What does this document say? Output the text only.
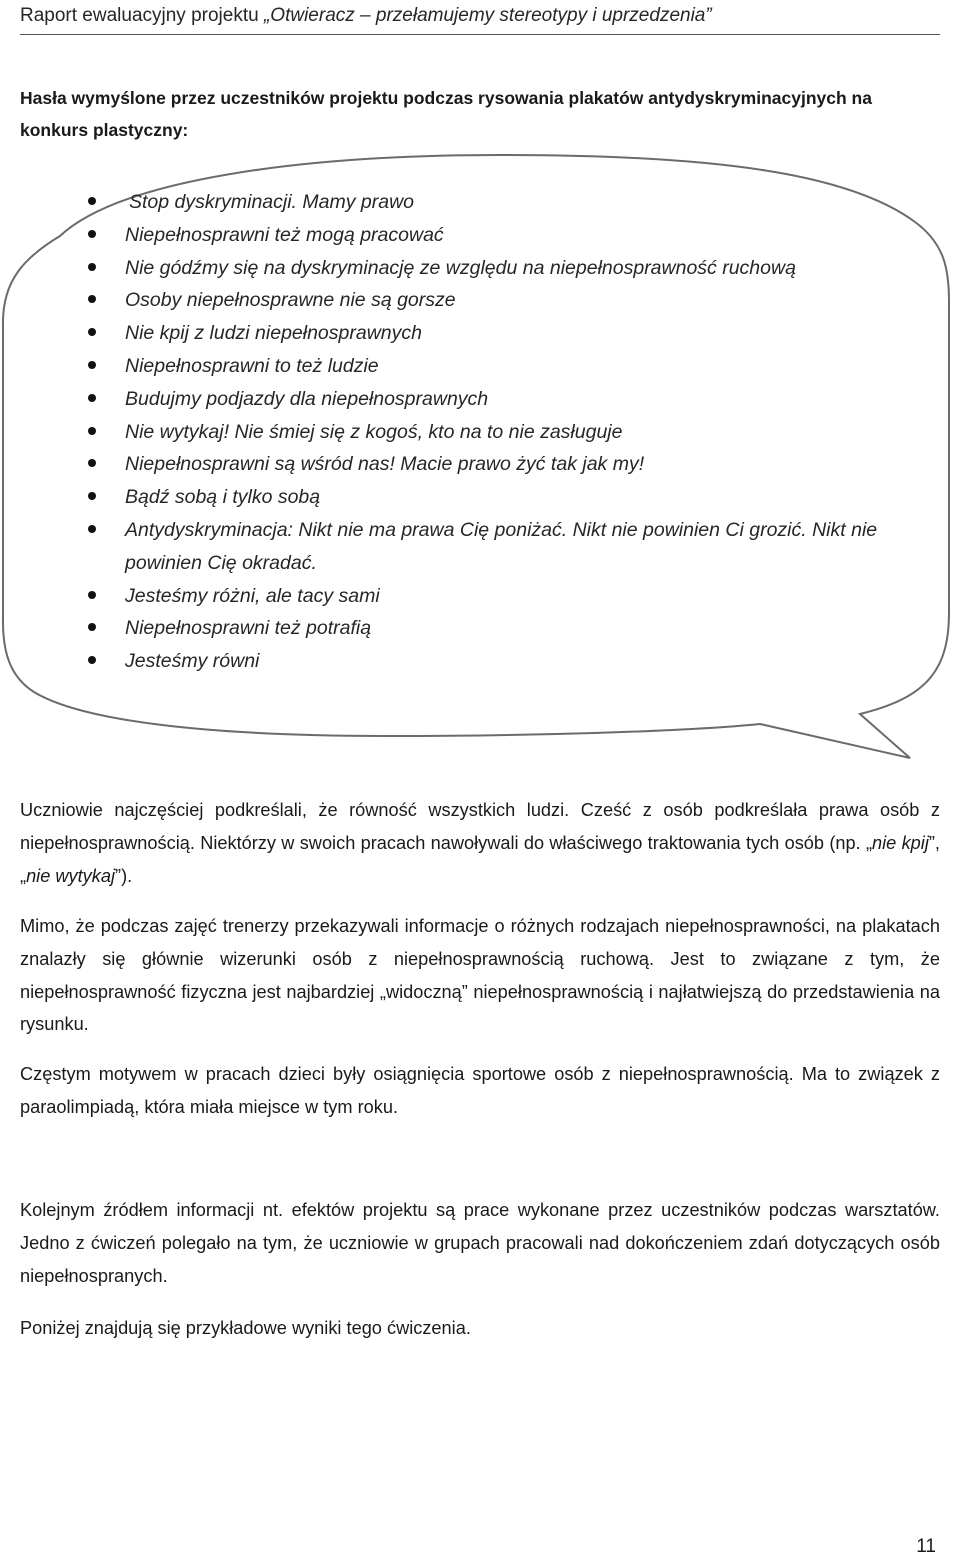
Raport ewaluacyjny projektu „Otwieracz – przełamujemy stereotypy i uprzedzenia”
Hasła wymyślone przez uczestników projektu podczas rysowania plakatów antydyskryminacyjnych na konkurs plastyczny:
Stop dyskryminacji. Mamy prawo
Niepełnosprawni też mogą pracować
Nie gódźmy się na dyskryminację ze względu na niepełnosprawność ruchową
Osoby niepełnosprawne nie są gorsze
Nie kpij z ludzi niepełnosprawnych
Niepełnosprawni to też ludzie
Budujmy podjazdy dla niepełnosprawnych
Nie wytykaj! Nie śmiej się z kogoś, kto na to nie zasługuje
Niepełnosprawni są wśród nas! Macie prawo żyć tak jak my!
Bądź sobą i tylko sobą
Antydyskryminacja: Nikt nie ma prawa Cię poniżać. Nikt nie powinien Ci grozić. Nikt nie powinien Cię okradać.
Jesteśmy różni, ale tacy sami
Niepełnosprawni też potrafią
Jesteśmy równi

Uczniowie najczęściej podkreślali, że równość wszystkich ludzi. Cześć z osób podkreślała prawa osób z niepełnosprawnością. Niektórzy w swoich pracach nawoływali do właściwego traktowania tych osób (np. „nie kpij”, „nie wytykaj”).

Mimo, że podczas zajęć trenerzy przekazywali informacje o różnych rodzajach niepełnosprawności, na plakatach znalazły się głównie wizerunki osób z niepełnosprawnością ruchową. Jest to związane z tym, że niepełnosprawność fizyczna jest najbardziej „widoczną” niepełnosprawnością i najłatwiejszą do przedstawienia na rysunku.

Częstym motywem w pracach dzieci były osiągnięcia sportowe osób z niepełnosprawnością. Ma to związek z paraolimpiadą, która miała miejsce w tym roku.

Kolejnym źródłem informacji nt. efektów projektu są prace wykonane przez uczestników podczas warsztatów. Jedno z ćwiczeń polegało na tym, że uczniowie w grupach pracowali nad dokończeniem zdań dotyczących osób niepełnospranych.

Poniżej znajdują się przykładowe wyniki tego ćwiczenia.

11
